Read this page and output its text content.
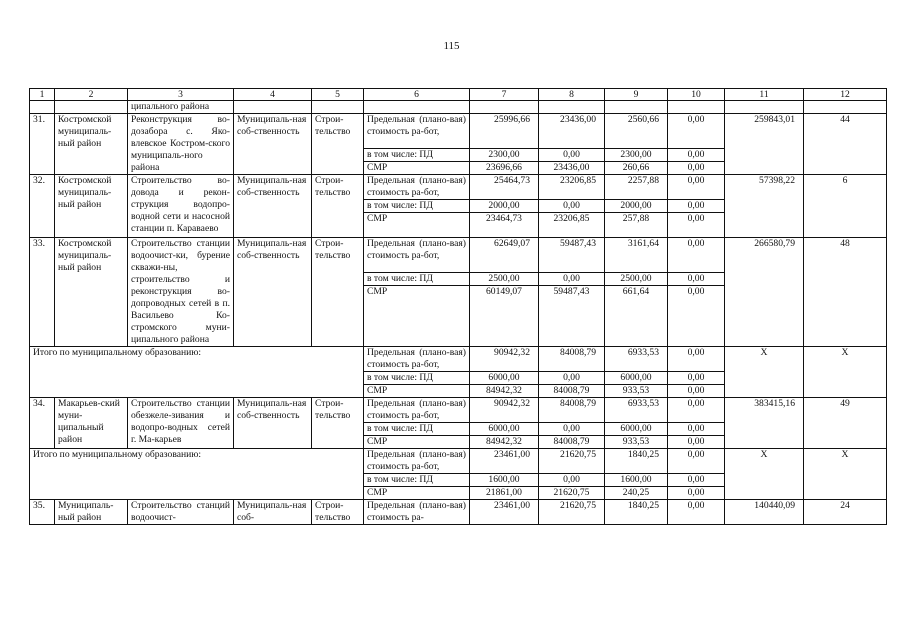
115
1	2	3	4	5	6	7	8	9	10	11	12
		ципального района									
31.	Костромской муниципаль-ный район	Реконструкция во-дозабора с. Яко-влевское Костром-ского муниципаль-ного района	Муниципаль-ная соб-ственность	Строи-тельство	Предельная (плано-вая) стоимость ра-бот,	25996,66	23436,00	2560,66	0,00	259843,01	44
					в том числе: ПД	2300,00	0,00	2300,00	0,00		
					СМР	23696,66	23436,00	260,66	0,00		
32.	Костромской муниципаль-ный район	Строительство во-довода и рекон-струкция водопро-водной сети и насосной станции п. Караваево	Муниципаль-ная соб-ственность	Строи-тельство	Предельная (плано-вая) стоимость ра-бот,	25464,73	23206,85	2257,88	0,00	57398,22	6
					в том числе: ПД	2000,00	0,00	2000,00	0,00		
					СМР	23464,73	23206,85	257,88	0,00		
33.	Костромской муниципаль-ный район	Строительство станции водоочист-ки, бурение скважи-ны, строительство и реконструкция во-допроводных сетей в п. Васильево Ко-стромского муни-ципального района	Муниципаль-ная соб-ственность	Строи-тельство	Предельная (плано-вая) стоимость ра-бот,	62649,07	59487,43	3161,64	0,00	266580,79	48
					в том числе: ПД	2500,00	0,00	2500,00	0,00		
					СМР	60149,07	59487,43	661,64	0,00		
Итого по муниципальному образованию:					Предельная (плано-вая) стоимость ра-бот,	90942,32	84008,79	6933,53	0,00	X	X
					в том числе: ПД	6000,00	0,00	6000,00	0,00		
					СМР	84942,32	84008,79	933,53	0,00		
34.	Макарьев-ский муни-ципальный район	Строительство станции обезжеле-зивания и водопро-водных сетей г. Ма-карьев	Муниципаль-ная соб-ственность	Строи-тельство	Предельная (плано-вая) стоимость ра-бот,	90942,32	84008,79	6933,53	0,00	383415,16	49
					в том числе: ПД	6000,00	0,00	6000,00	0,00		
					СМР	84942,32	84008,79	933,53	0,00		
Итого по муниципальному образованию:					Предельная (плано-вая) стоимость ра-бот,	23461,00	21620,75	1840,25	0,00	X	X
					в том числе: ПД	1600,00	0,00	1600,00	0,00		
					СМР	21861,00	21620,75	240,25	0,00		
35.	Муниципаль-ный район	Строительство станций водоочист-	Муниципаль-ная соб-	Строи-тельство	Предельная (плано-вая) стоимость ра-	23461,00	21620,75	1840,25	0,00	140440,09	24
